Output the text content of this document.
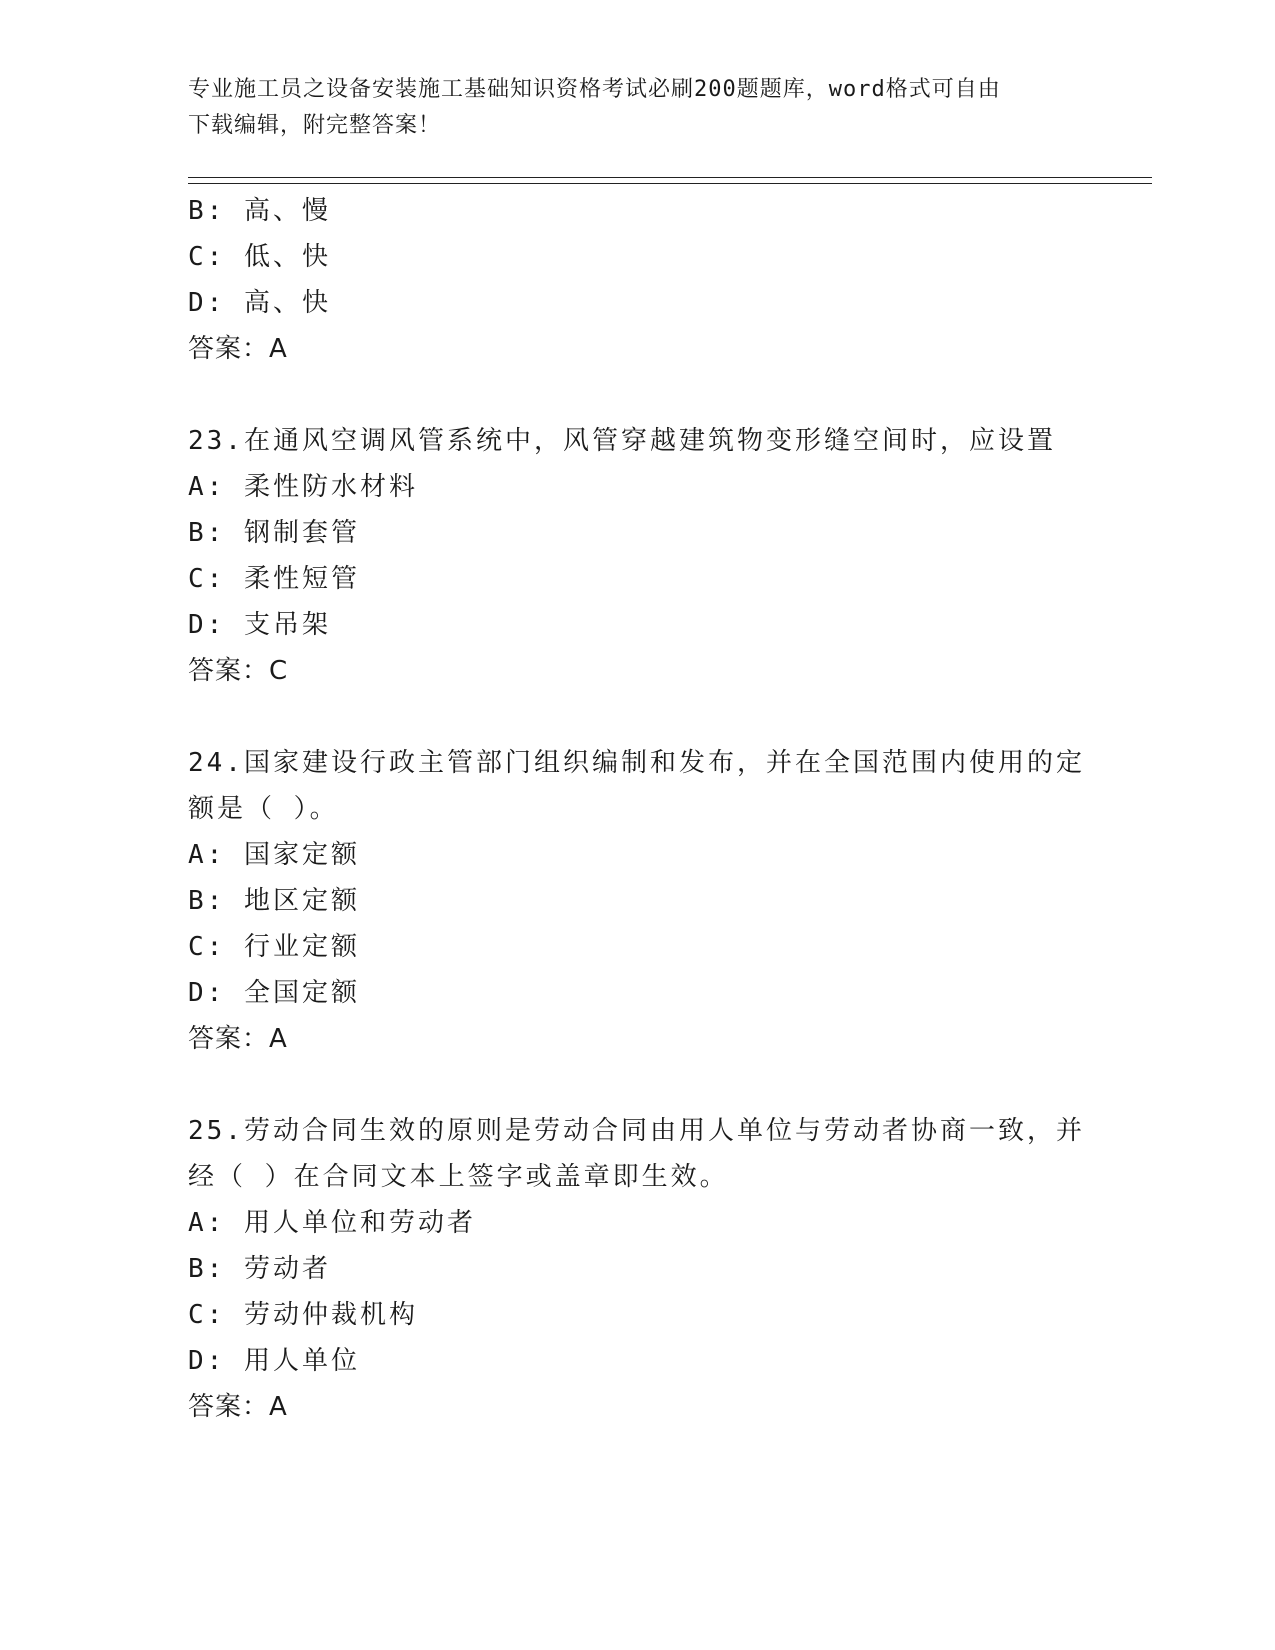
专业施工员之设备安装施工基础知识资格考试必刷200题题库，word格式可自由
下载编辑，附完整答案！
B: 高、慢
C: 低、快
D: 高、快
答案：A
23.在通风空调风管系统中，风管穿越建筑物变形缝空间时，应设置
A: 柔性防水材料
B: 钢制套管
C: 柔性短管
D: 支吊架
答案：C
24.国家建设行政主管部门组织编制和发布，并在全国范围内使用的定
额是（ ）。
A: 国家定额
B: 地区定额
C: 行业定额
D: 全国定额
答案：A
25.劳动合同生效的原则是劳动合同由用人单位与劳动者协商一致，并
经（ ）在合同文本上签字或盖章即生效。
A: 用人单位和劳动者
B: 劳动者
C: 劳动仲裁机构
D: 用人单位
答案：A
